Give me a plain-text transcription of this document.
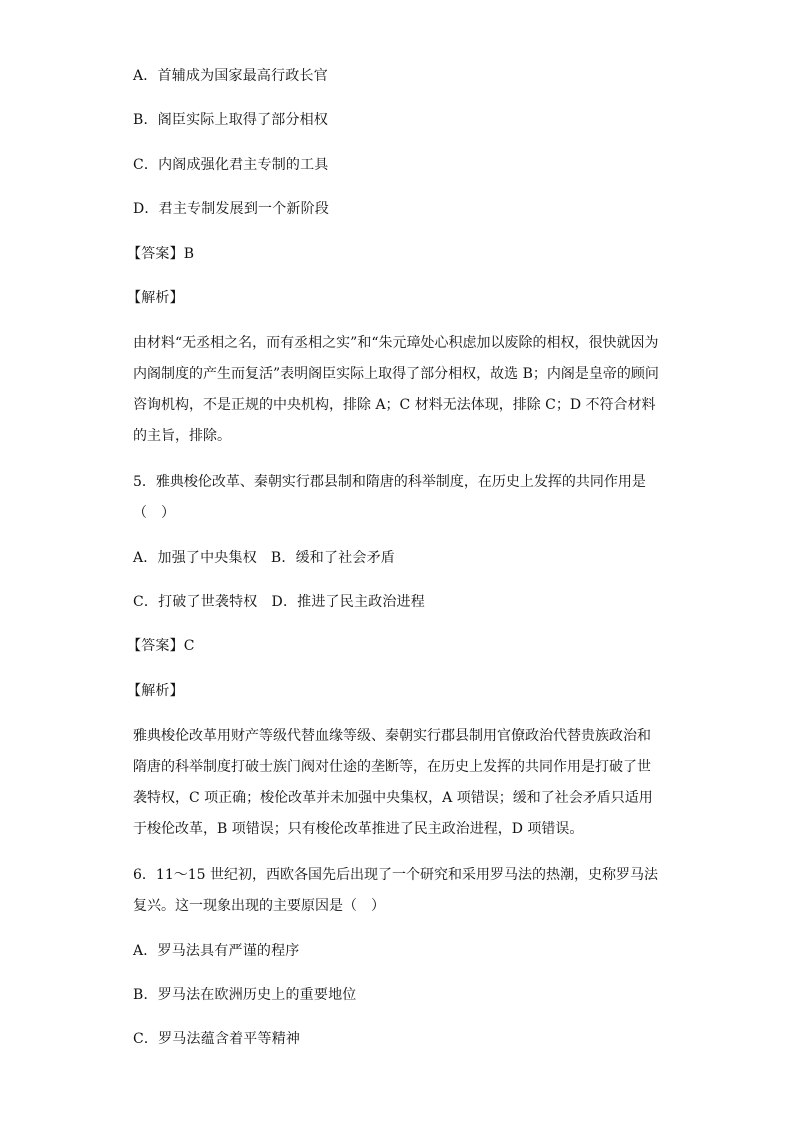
A．首辅成为国家最高行政长官
B．阁臣实际上取得了部分相权
C．内阁成强化君主专制的工具
D．君主专制发展到一个新阶段
【答案】B
【解析】
由材料“无丞相之名，而有丞相之实”和“朱元璋处心积虑加以废除的相权，很快就因为
内阁制度的产生而复活”表明阁臣实际上取得了部分相权，故选 B；内阁是皇帝的顾问
咨询机构，不是正规的中央机构，排除 A；C 材料无法体现，排除 C；D 不符合材料
的主旨，排除。
5．雅典梭伦改革、秦朝实行郡县制和隋唐的科举制度，在历史上发挥的共同作用是
（　）
A．加强了中央集权 B．缓和了社会矛盾
C．打破了世袭特权 D．推进了民主政治进程
【答案】C
【解析】
雅典梭伦改革用财产等级代替血缘等级、秦朝实行郡县制用官僚政治代替贵族政治和
隋唐的科举制度打破士族门阀对仕途的垄断等，在历史上发挥的共同作用是打破了世
袭特权，C 项正确；梭伦改革并未加强中央集权，A 项错误；缓和了社会矛盾只适用
于梭伦改革，B 项错误；只有梭伦改革推进了民主政治进程，D 项错误。
6．11～15 世纪初，西欧各国先后出现了一个研究和采用罗马法的热潮，史称罗马法
复兴。这一现象出现的主要原因是（　）
A．罗马法具有严谨的程序
B．罗马法在欧洲历史上的重要地位
C．罗马法蕴含着平等精神
